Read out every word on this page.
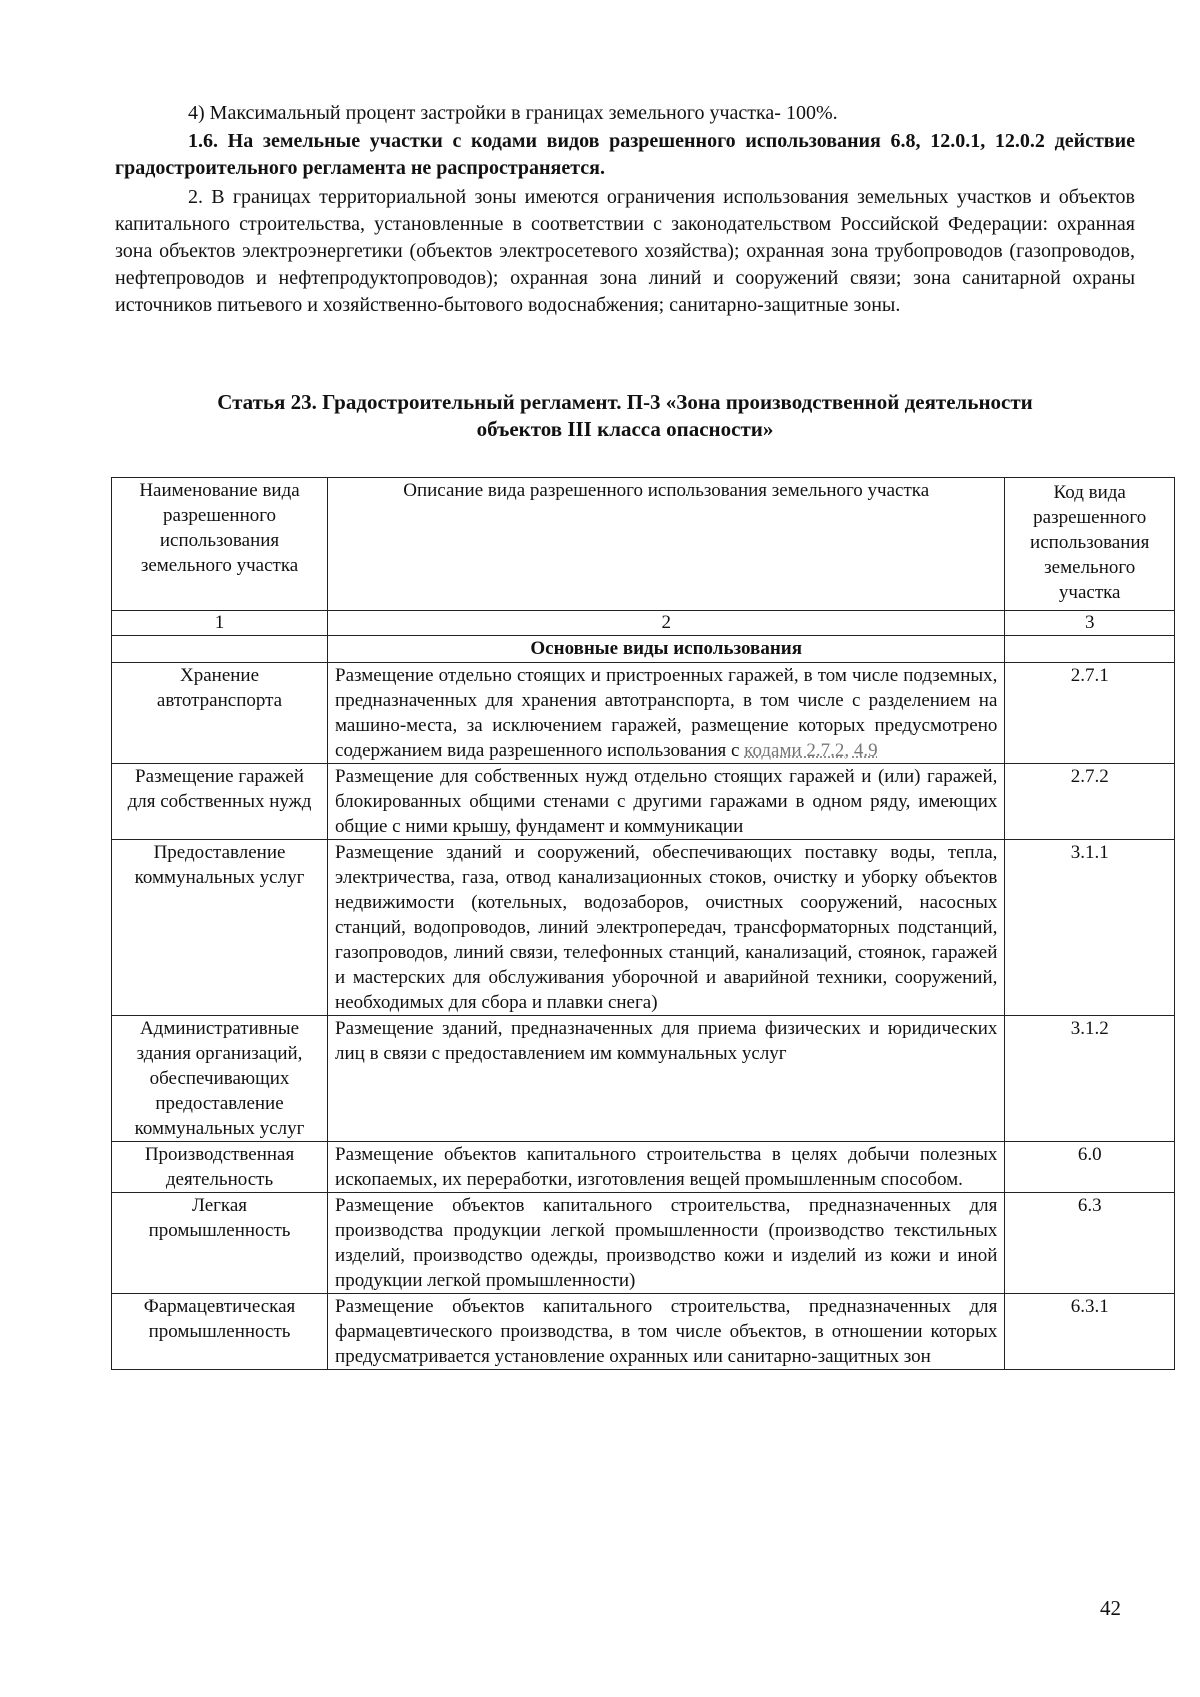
4) Максимальный процент застройки в границах земельного участка- 100%.

1.6. На земельные участки с кодами видов разрешенного использования 6.8, 12.0.1, 12.0.2 действие градостроительного регламента не распространяется.

2. В границах территориальной зоны имеются ограничения использования земельных участков и объектов капитального строительства, установленные в соответствии с законодательством Российской Федерации: охранная зона объектов электроэнергетики (объектов электросетевого хозяйства); охранная зона трубопроводов (газопроводов, нефтепроводов и нефтепродуктопроводов); охранная зона линий и сооружений связи; зона санитарной охраны источников питьевого и хозяйственно-бытового водоснабжения; санитарно-защитные зоны.

Статья 23. Градостроительный регламент. П-3 «Зона производственной деятельности
объектов III класса опасности»
Наименование вида разрешенного использования земельного участка	Описание вида разрешенного использования земельного участка	Код вида разрешенного использования земельного участка
1	2	3
	Основные виды использования	
Хранение автотранспорта	Размещение отдельно стоящих и пристроенных гаражей, в том числе подземных, предназначенных для хранения автотранспорта, в том числе с разделением на машино-места, за исключением гаражей, размещение которых предусмотрено содержанием вида разрешенного использования с кодами 2.7.2, 4.9	2.7.1
Размещение гаражей для собственных нужд	Размещение для собственных нужд отдельно стоящих гаражей и (или) гаражей, блокированных общими стенами с другими гаражами в одном ряду, имеющих общие с ними крышу, фундамент и коммуникации	2.7.2
Предоставление коммунальных услуг	Размещение зданий и сооружений, обеспечивающих поставку воды, тепла, электричества, газа, отвод канализационных стоков, очистку и уборку объектов недвижимости (котельных, водозаборов, очистных сооружений, насосных станций, водопроводов, линий электропередач, трансформаторных подстанций, газопроводов, линий связи, телефонных станций, канализаций, стоянок, гаражей и мастерских для обслуживания уборочной и аварийной техники, сооружений, необходимых для сбора и плавки снега)	3.1.1
Административные здания организаций, обеспечивающих предоставление коммунальных услуг	Размещение зданий, предназначенных для приема физических и юридических лиц в связи с предоставлением им коммунальных услуг	3.1.2
Производственная деятельность	Размещение объектов капитального строительства в целях добычи полезных ископаемых, их переработки, изготовления вещей промышленным способом.	6.0
Легкая промышленность	Размещение объектов капитального строительства, предназначенных для производства продукции легкой промышленности (производство текстильных изделий, производство одежды, производство кожи и изделий из кожи и иной продукции легкой промышленности)	6.3
Фармацевтическая промышленность	Размещение объектов капитального строительства, предназначенных для фармацевтического производства, в том числе объектов, в отношении которых предусматривается установление охранных или санитарно-защитных зон	6.3.1
42
